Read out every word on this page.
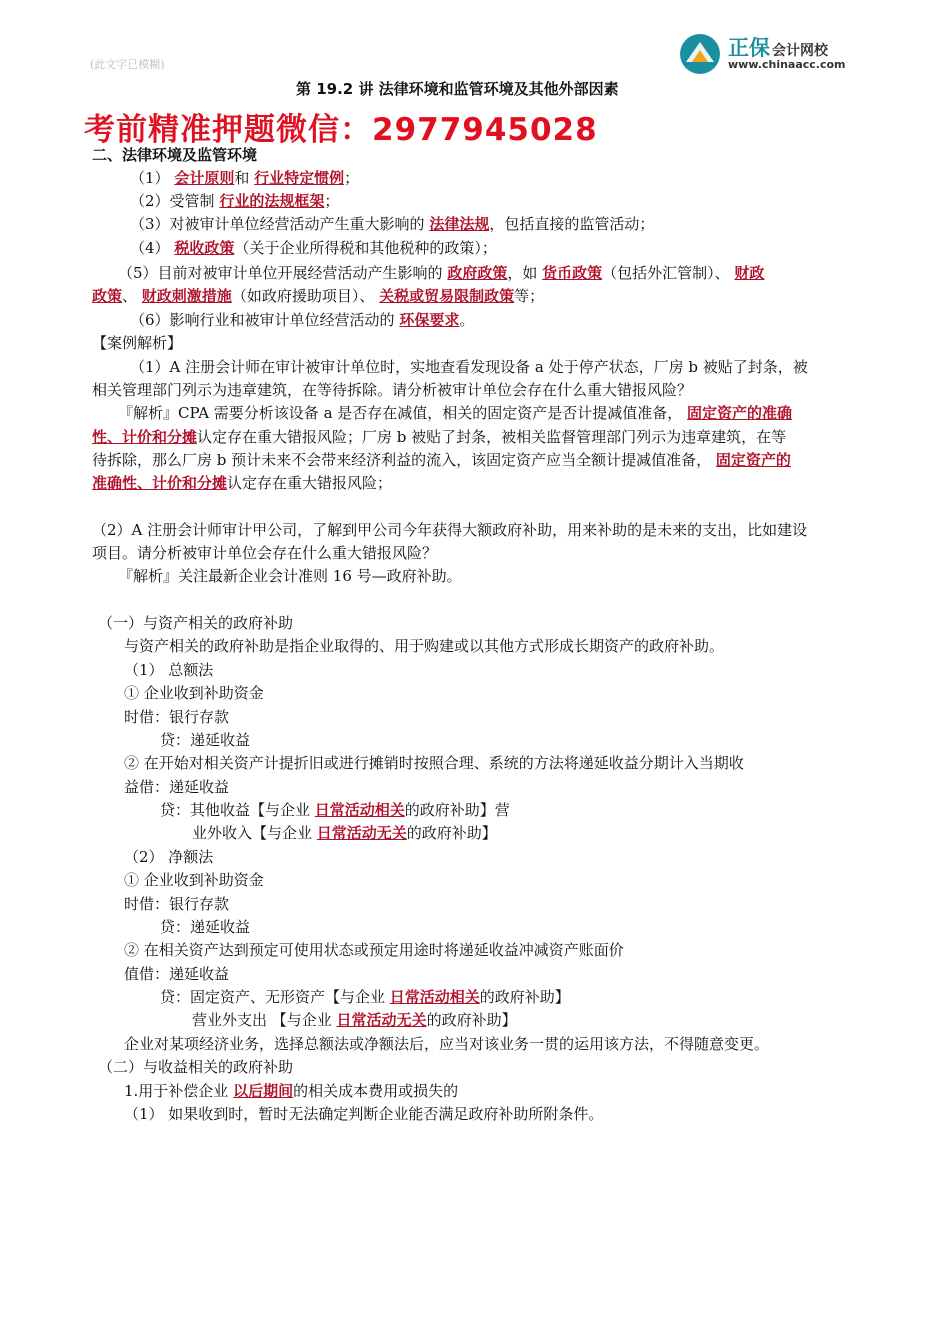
(此文字已模糊)
正保 会计网校
www.chinaacc.com
第 19.2 讲 法律环境和监管环境及其他外部因素
考前精准押题微信：2977945028
二、法律环境及监管环境
（1） 会计原则和 行业特定惯例；
（2）受管制 行业的法规框架；
（3）对被审计单位经营活动产生重大影响的 法律法规，包括直接的监管活动；
（4） 税收政策（关于企业所得税和其他税种的政策）；
（5）目前对被审计单位开展经营活动产生影响的 政府政策，如 货币政策（包括外汇管制）、 财政
政策、 财政刺激措施（如政府援助项目）、 关税或贸易限制政策等；
（6）影响行业和被审计单位经营活动的 环保要求。
【案例解析】
（1）A 注册会计师在审计被审计单位时，实地查看发现设备 a 处于停产状态，厂房 b 被贴了封条，被
相关管理部门列示为违章建筑，在等待拆除。请分析被审计单位会存在什么重大错报风险？
『解析』CPA 需要分析该设备 a 是否存在减值，相关的固定资产是否计提减值准备， 固定资产的准确
性、计价和分摊认定存在重大错报风险；厂房 b 被贴了封条，被相关监督管理部门列示为违章建筑，在等
待拆除，那么厂房 b 预计未来不会带来经济利益的流入，该固定资产应当全额计提减值准备， 固定资产的
准确性、计价和分摊认定存在重大错报风险；
（2）A 注册会计师审计甲公司，了解到甲公司今年获得大额政府补助，用来补助的是未来的支出，比如建设
项目。请分析被审计单位会存在什么重大错报风险？
『解析』关注最新企业会计准则 16 号—政府补助。
（一）与资产相关的政府补助
与资产相关的政府补助是指企业取得的、用于购建或以其他方式形成长期资产的政府补助。
（1） 总额法
① 企业收到补助资金
时借：银行存款
贷：递延收益
② 在开始对相关资产计提折旧或进行摊销时按照合理、系统的方法将递延收益分期计入当期收
益借：递延收益
贷：其他收益【与企业 日常活动相关的政府补助】营
业外收入【与企业 日常活动无关的政府补助】
（2） 净额法
① 企业收到补助资金
时借：银行存款
贷：递延收益
② 在相关资产达到预定可使用状态或预定用途时将递延收益冲减资产账面价
值借：递延收益
贷：固定资产、无形资产【与企业 日常活动相关的政府补助】
营业外支出 【与企业 日常活动无关的政府补助】
企业对某项经济业务，选择总额法或净额法后，应当对该业务一贯的运用该方法，不得随意变更。
（二）与收益相关的政府补助
1.用于补偿企业 以后期间的相关成本费用或损失的
（1） 如果收到时，暂时无法确定判断企业能否满足政府补助所附条件。
